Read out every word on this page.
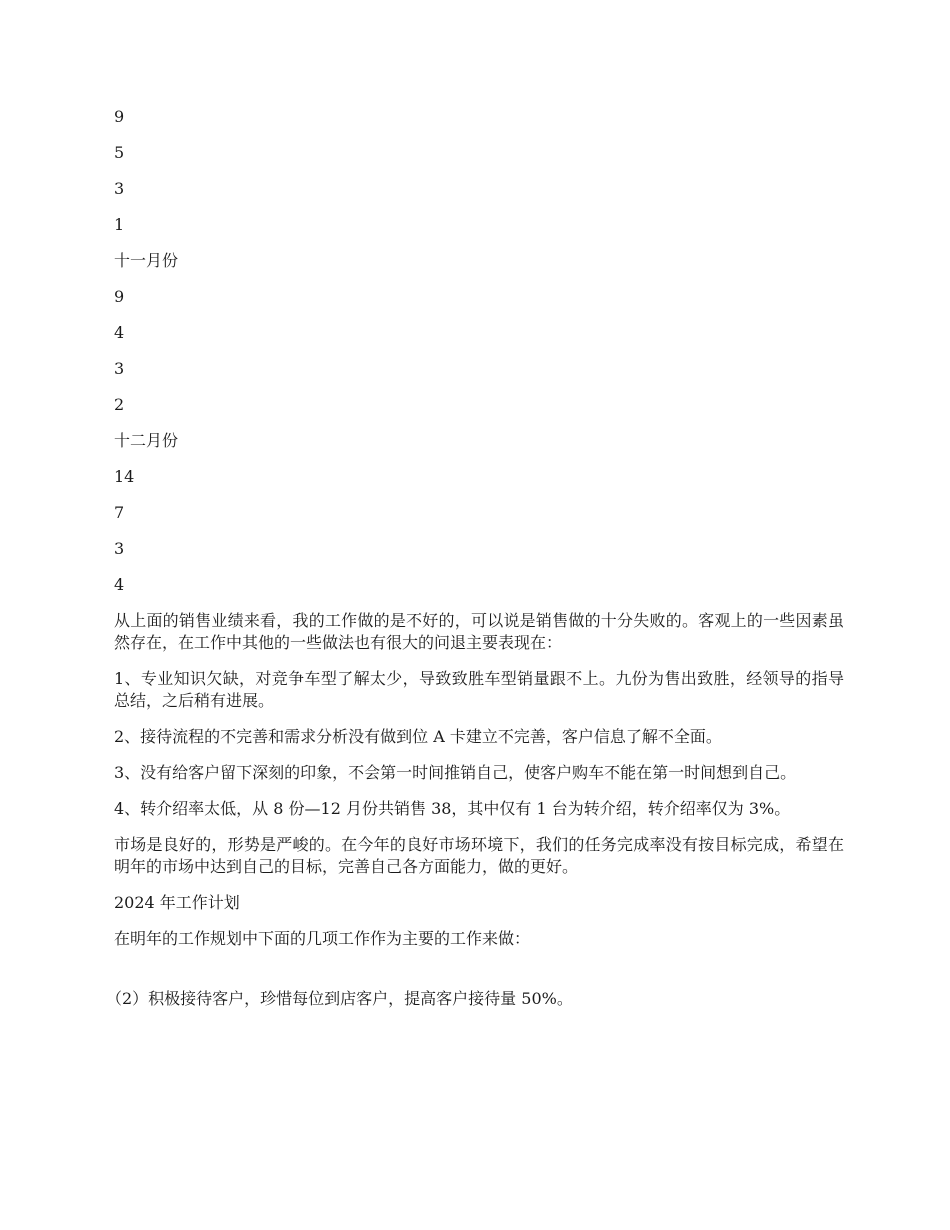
9

5

3

1

十一月份

9

4

3

2

十二月份

14

7

3

4

从上面的销售业绩来看，我的工作做的是不好的，可以说是销售做的十分失败的。客观上的一些因素虽然存在，在工作中其他的一些做法也有很大的问退主要表现在：

1、专业知识欠缺，对竞争车型了解太少，导致致胜车型销量跟不上。九份为售出致胜，经领导的指导总结，之后稍有进展。

2、接待流程的不完善和需求分析没有做到位 A 卡建立不完善，客户信息了解不全面。

3、没有给客户留下深刻的印象，不会第一时间推销自己，使客户购车不能在第一时间想到自己。

4、转介绍率太低，从 8 份—12 月份共销售 38，其中仅有 1 台为转介绍，转介绍率仅为 3%。

市场是良好的，形势是严峻的。在今年的良好市场环境下，我们的任务完成率没有按目标完成，希望在明年的市场中达到自己的目标，完善自己各方面能力，做的更好。

2024 年工作计划

在明年的工作规划中下面的几项工作作为主要的工作来做：

（2）积极接待客户，珍惜每位到店客户，提高客户接待量 50%。
